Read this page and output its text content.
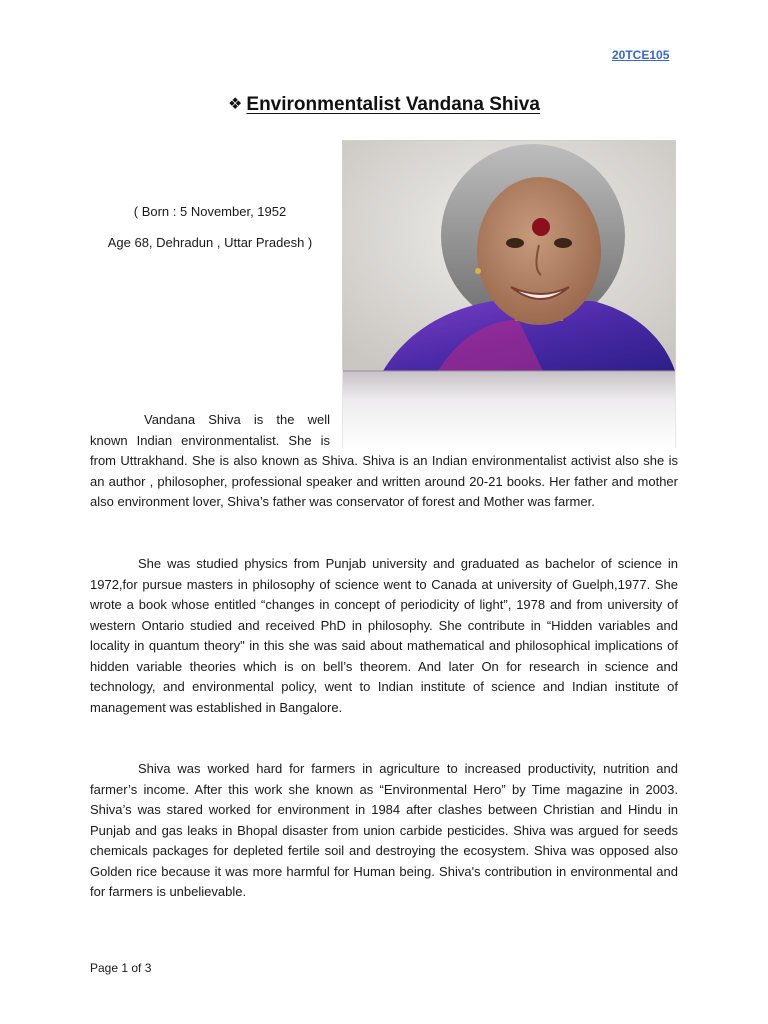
20TCE105
❖ Environmentalist Vandana Shiva
( Born : 5 November, 1952
Age 68, Dehradun , Uttar Pradesh )
Vandana Shiva is the well known Indian environmentalist. She is
from Uttrakhand. She is also known as Shiva. Shiva is an Indian environmentalist activist also she is an author , philosopher, professional speaker and written around 20-21 books. Her father and mother also environment lover, Shiva’s father was conservator of forest and Mother was farmer.
She was studied physics from Punjab university and graduated as bachelor of science in 1972,for pursue masters in philosophy of science went to Canada at university of Guelph,1977. She wrote a book whose entitled “changes in concept of periodicity of light”, 1978 and from university of western Ontario studied and received PhD in philosophy. She contribute in “Hidden variables and locality in quantum theory" in this she was said about mathematical and philosophical implications of hidden variable theories which is on bell’s theorem. And later On for research in science and technology, and environmental policy, went to Indian institute of science and Indian institute of management was established in Bangalore.
Shiva was worked hard for farmers in agriculture to increased productivity, nutrition and farmer’s income. After this work she known as “Environmental Hero” by Time magazine in 2003. Shiva’s was stared worked for environment in 1984 after clashes between Christian and Hindu in Punjab and gas leaks in Bhopal disaster from union carbide pesticides. Shiva was argued for seeds chemicals packages for depleted fertile soil and destroying the ecosystem. Shiva was opposed also Golden rice because it was more harmful for Human being. Shiva's contribution in environmental and for farmers is unbelievable.
Page 1 of 3
